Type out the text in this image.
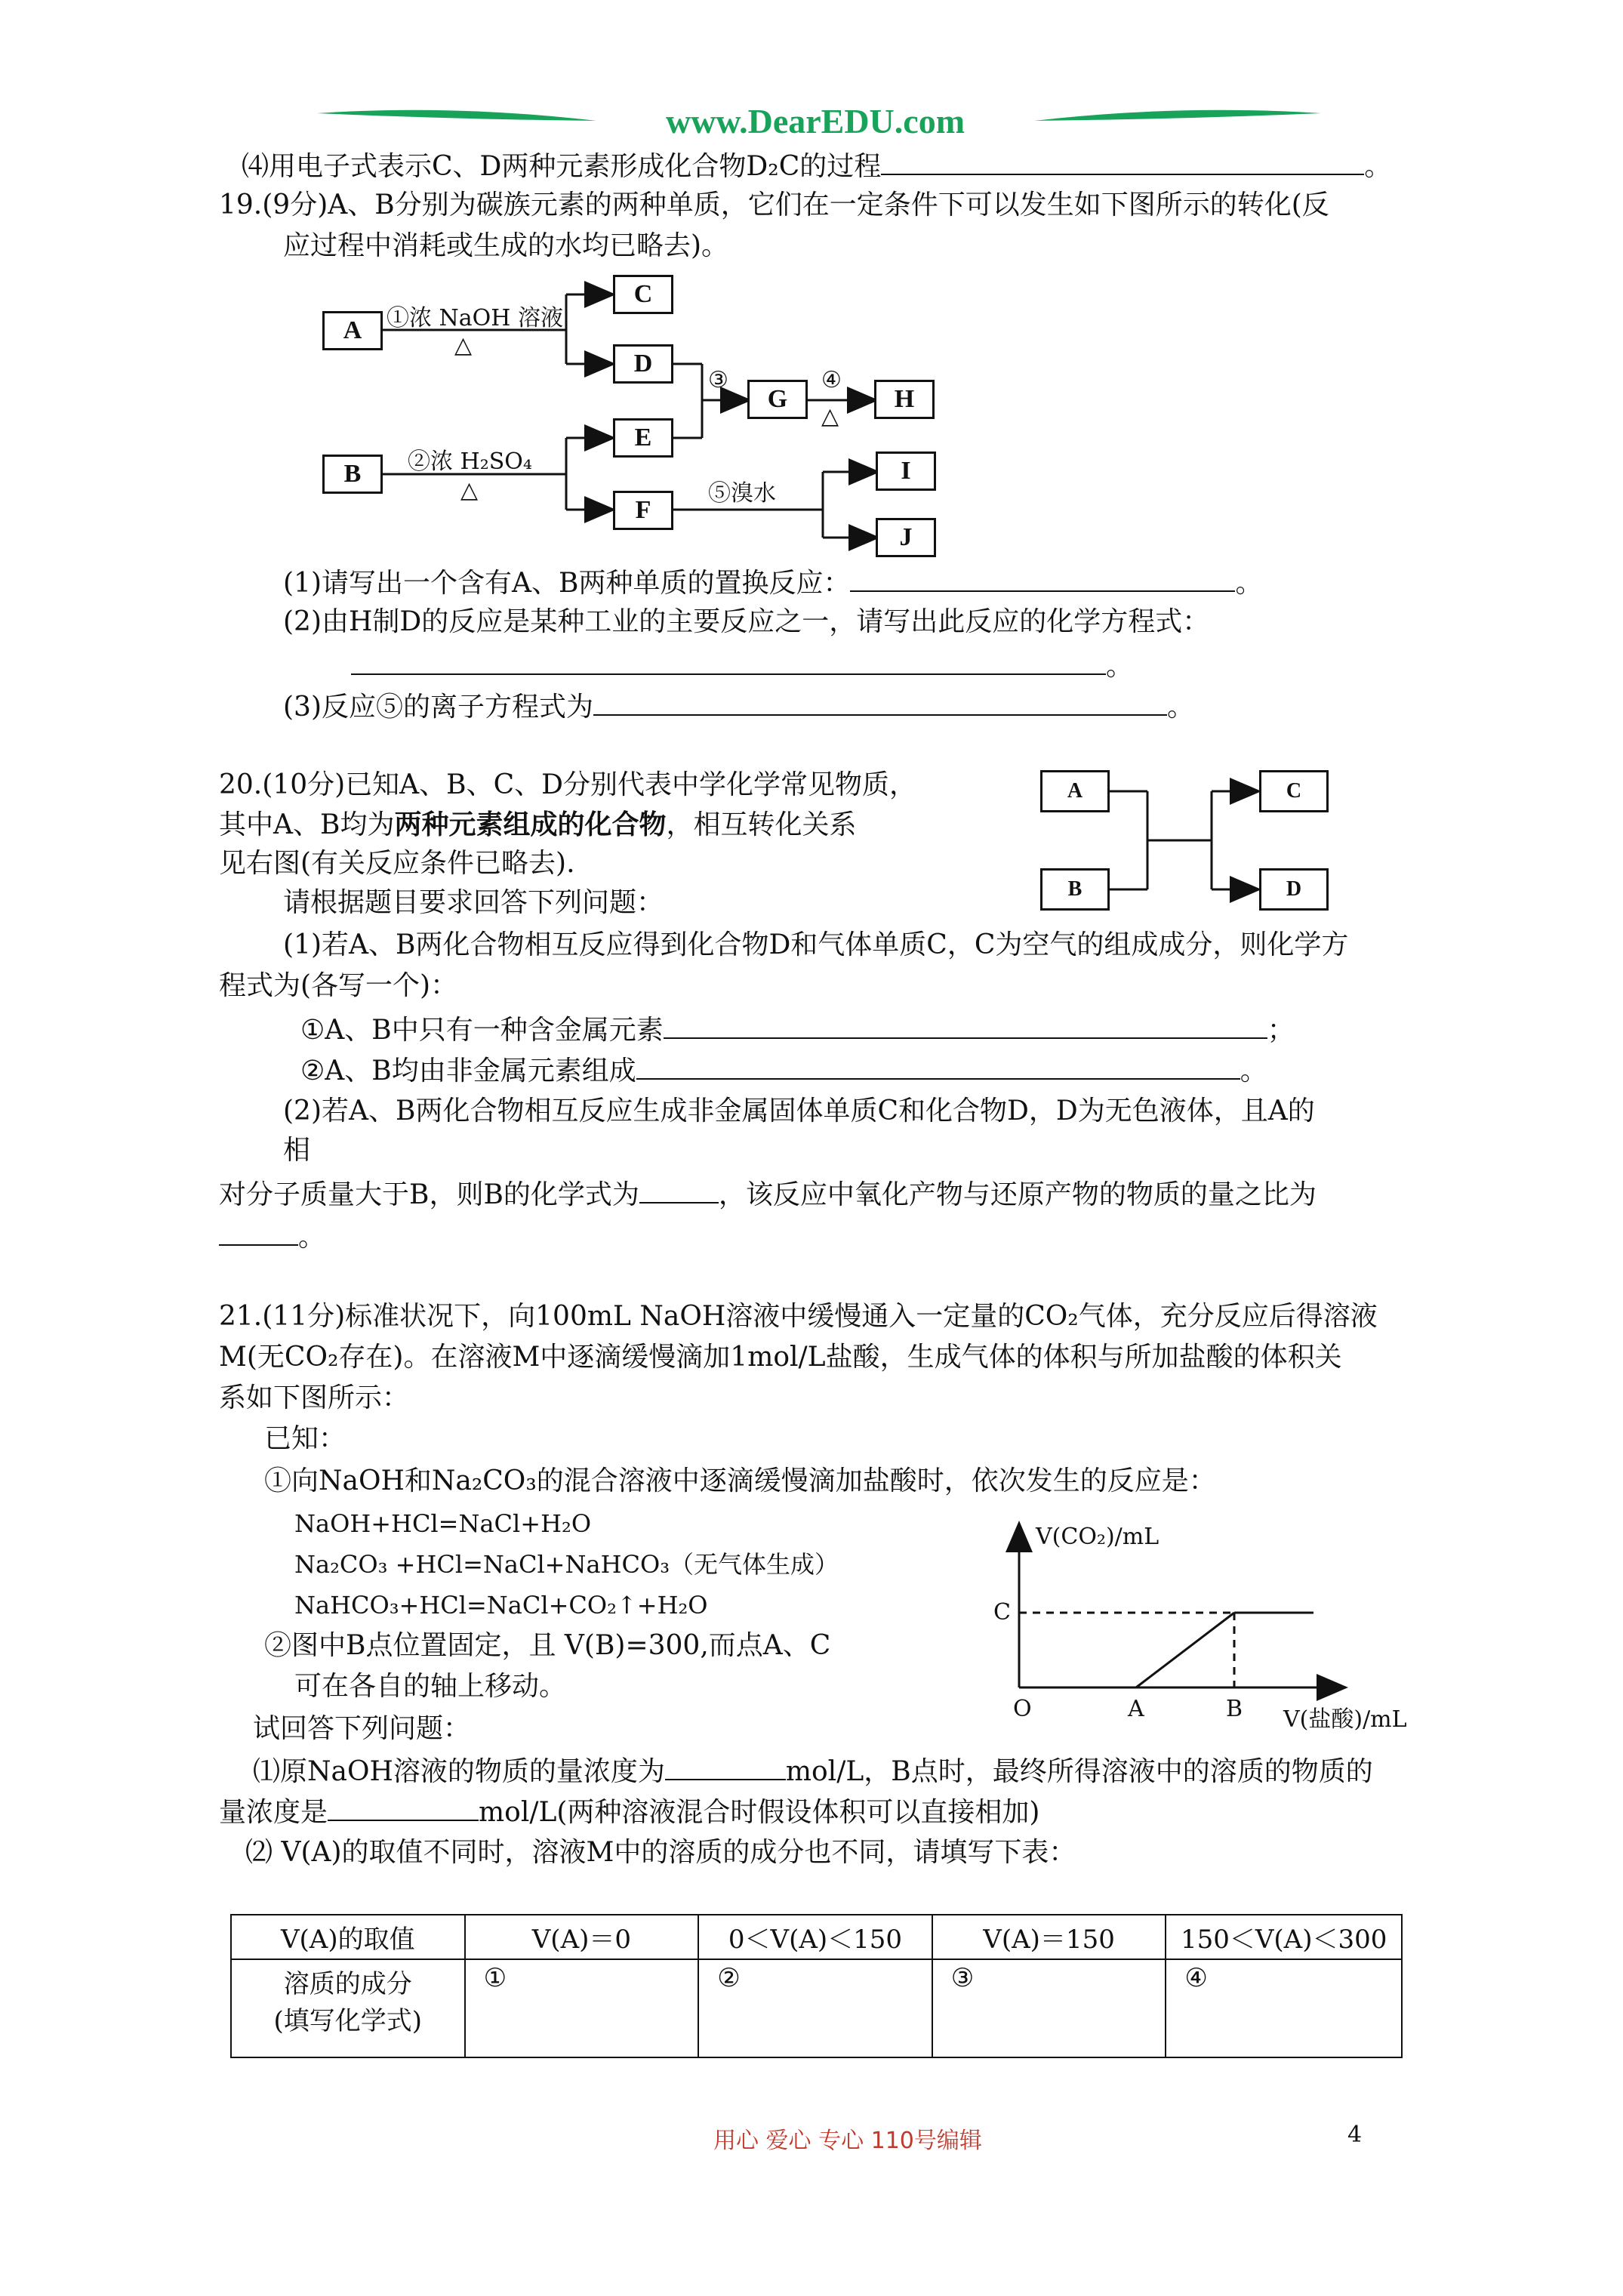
www.DearEDU.com
⑷用电子式表示C、D两种元素形成化合物D₂C的过程	。
19.(9分)A、B分别为碳族元素的两种单质，它们在一定条件下可以发生如下图所示的转化(反
应过程中消耗或生成的水均已略去)。
A
C
D
G	H
B
E
F
I
J
①浓 NaOH 溶液
△
②浓 H₂SO₄
△
③	④
△
⑤溴水
(1)请写出一个含有A、B两种单质的置换反应：	。
(2)由H制D的反应是某种工业的主要反应之一，请写出此反应的化学方程式：
。
(3)反应⑤的离子方程式为	。
20.(10分)已知A、B、C、D分别代表中学化学常见物质，
其中A、B均为两种元素组成的化合物，相互转化关系
见右图(有关反应条件已略去).
请根据题目要求回答下列问题：
(1)若A、B两化合物相互反应得到化合物D和气体单质C，C为空气的组成成分，则化学方
程式为(各写一个)：
①A、B中只有一种含金属元素	；
②A、B均由非金属元素组成	。
(2)若A、B两化合物相互反应生成非金属固体单质C和化合物D，D为无色液体，且A的
相
对分子质量大于B，则B的化学式为	，该反应中氧化产物与还原产物的物质的量之比为
。
A
B
C
D
21.(11分)标准状况下，向100mL NaOH溶液中缓慢通入一定量的CO₂气体，充分反应后得溶液
M(无CO₂存在)。在溶液M中逐滴缓慢滴加1mol/L盐酸，生成气体的体积与所加盐酸的体积关
系如下图所示：
已知：
①向NaOH和Na₂CO₃的混合溶液中逐滴缓慢滴加盐酸时，依次发生的反应是：
NaOH+HCl=NaCl+H₂O
Na₂CO₃ +HCl=NaCl+NaHCO₃（无气体生成）
NaHCO₃+HCl=NaCl+CO₂↑+H₂O
②图中B点位置固定，且 V(B)=300,而点A、C
可在各自的轴上移动。
试回答下列问题：
⑴原NaOH溶液的物质的量浓度为	mol/L，B点时，最终所得溶液中的溶质的物质的
量浓度是	mol/L(两种溶液混合时假设体积可以直接相加)
⑵ V(A)的取值不同时，溶液M中的溶质的成分也不同，请填写下表：
V(CO₂)/mL
C
O	A	B V(盐酸)/mL
V(A)的取值	V(A)＝0	0＜V(A)＜150	V(A)＝150	150＜V(A)＜300

溶质的成分
(填写化学式)	①	②	③	④
用心 爱心 专心 110号编辑	4
